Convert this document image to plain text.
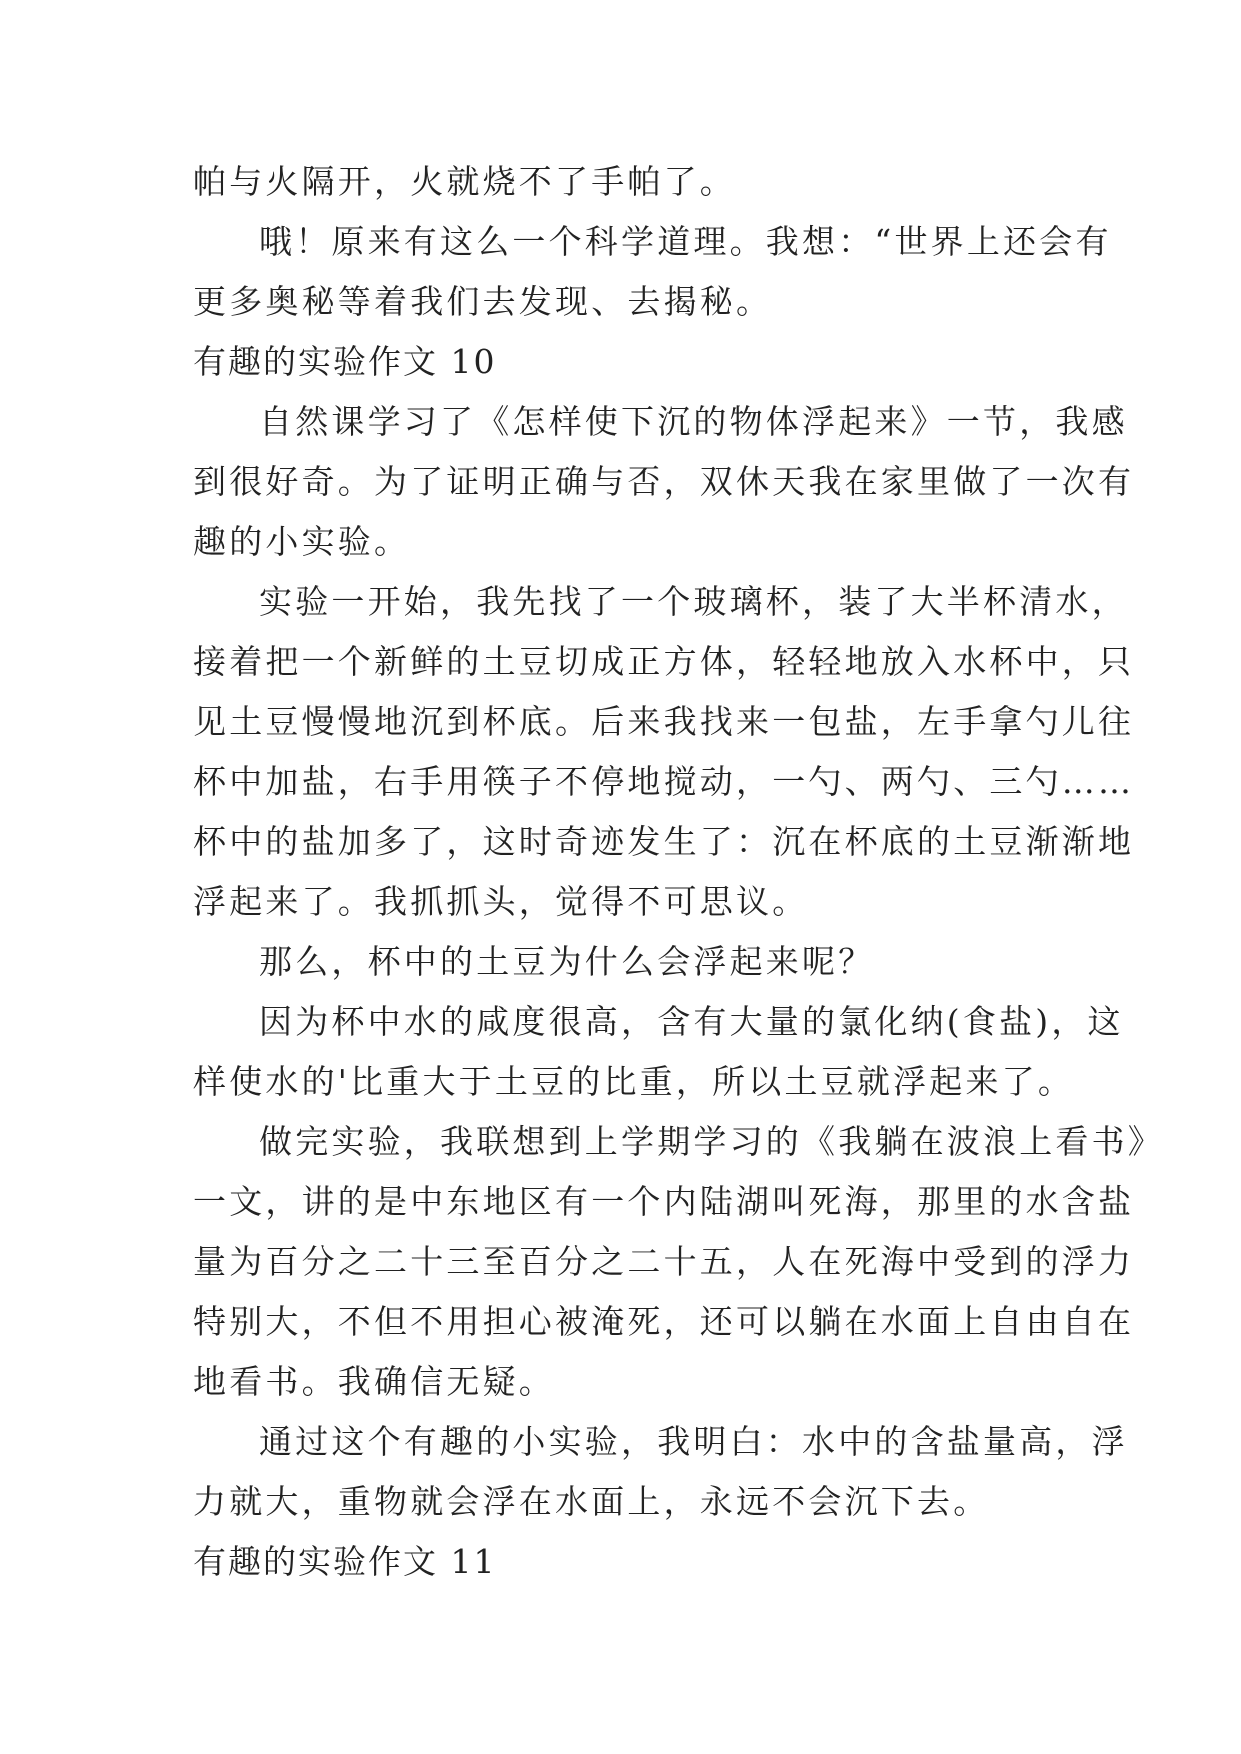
帕与火隔开，火就烧不了手帕了。
哦！原来有这么一个科学道理。我想：“世界上还会有
更多奥秘等着我们去发现、去揭秘。
有趣的实验作文 10
自然课学习了《怎样使下沉的物体浮起来》一节，我感
到很好奇。为了证明正确与否，双休天我在家里做了一次有
趣的小实验。
实验一开始，我先找了一个玻璃杯，装了大半杯清水，
接着把一个新鲜的土豆切成正方体，轻轻地放入水杯中，只
见土豆慢慢地沉到杯底。后来我找来一包盐，左手拿勺儿往
杯中加盐，右手用筷子不停地搅动，一勺、两勺、三勺……
杯中的盐加多了，这时奇迹发生了：沉在杯底的土豆渐渐地
浮起来了。我抓抓头，觉得不可思议。
那么，杯中的土豆为什么会浮起来呢？
因为杯中水的咸度很高，含有大量的氯化纳(食盐)，这
样使水的'比重大于土豆的比重，所以土豆就浮起来了。
做完实验，我联想到上学期学习的《我躺在波浪上看书》
一文，讲的是中东地区有一个内陆湖叫死海，那里的水含盐
量为百分之二十三至百分之二十五，人在死海中受到的浮力
特别大，不但不用担心被淹死，还可以躺在水面上自由自在
地看书。我确信无疑。
通过这个有趣的小实验，我明白：水中的含盐量高，浮
力就大，重物就会浮在水面上，永远不会沉下去。
有趣的实验作文 11
